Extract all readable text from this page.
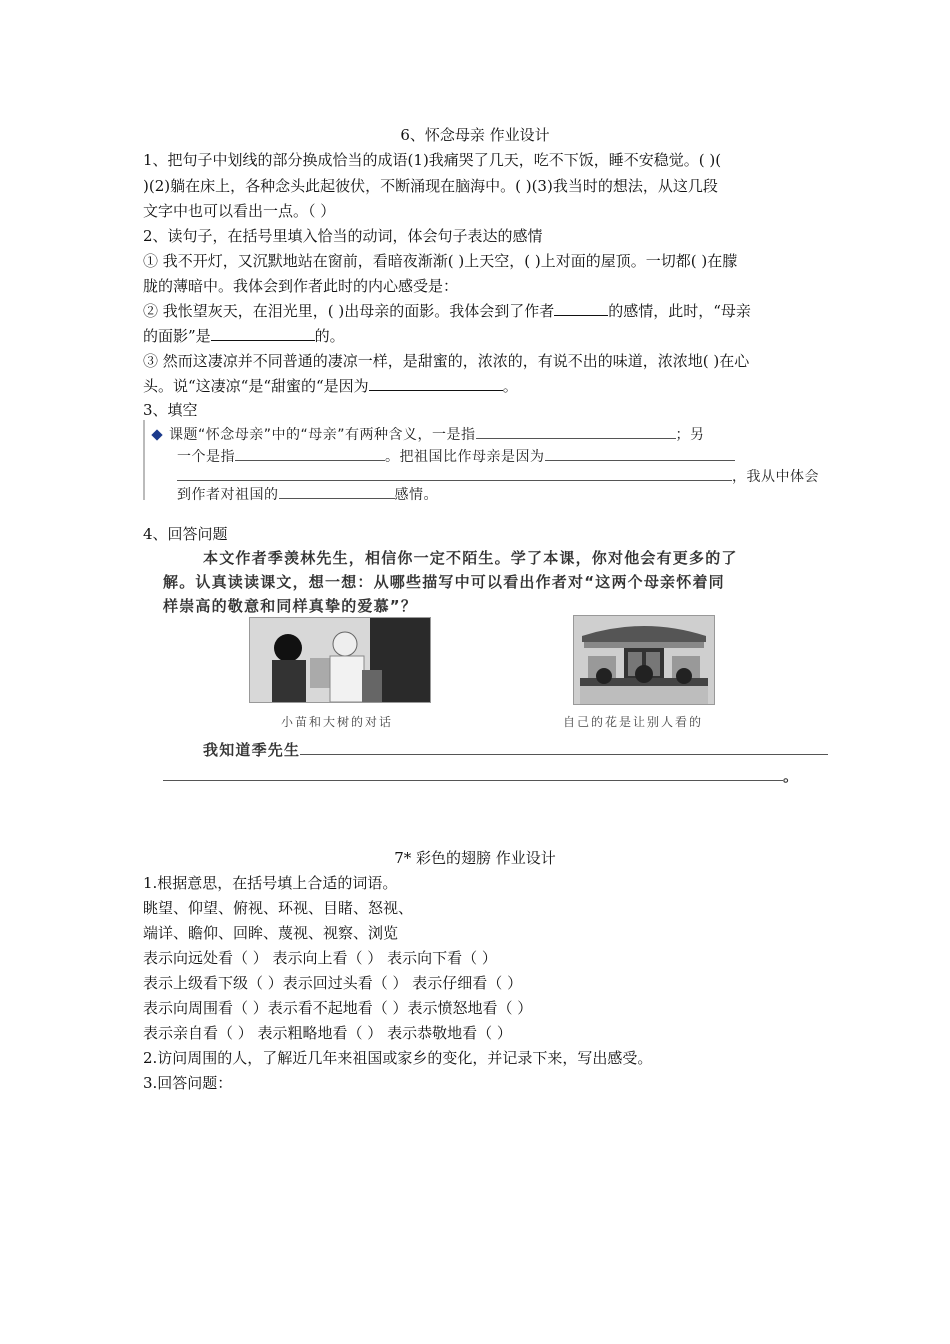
6、怀念母亲 作业设计
1、把句子中划线的部分换成恰当的成语(1)我痛哭了几天，吃不下饭，睡不安稳觉。( )(
)(2)躺在床上，各种念头此起彼伏，不断涌现在脑海中。( )(3)我当时的想法，从这几段
文字中也可以看出一点。（ ）
2、读句子，在括号里填入恰当的动词，体会句子表达的感情
① 我不开灯，又沉默地站在窗前，看暗夜渐渐( )上天空，( )上对面的屋顶。一切都( )在朦
胧的薄暗中。我体会到作者此时的内心感受是：
② 我怅望灰天，在泪光里，( )出母亲的面影。我体会到了作者	的感情，此时，“母亲
的面影”是	的。
③ 然而这凄凉并不同普通的凄凉一样，是甜蜜的，浓浓的，有说不出的味道，浓浓地( )在心
头。说“这凄凉“是“甜蜜的“是因为	。
3、填空
课题“怀念母亲”中的“母亲”有两种含义，一是指	；另
一个是指	。把祖国比作母亲是因为
，我从中体会
到作者对祖国的	感情。
4、回答问题
本文作者季羡林先生，相信你一定不陌生。学了本课，你对他会有更多的了
解。认真读读课文，想一想：从哪些描写中可以看出作者对“这两个母亲怀着同
样崇高的敬意和同样真挚的爱慕”？
小苗和大树的对话	自己的花是让别人看的
我知道季先生
。
7* 彩色的翅膀 作业设计
1.根据意思，在括号填上合适的词语。
眺望、仰望、俯视、环视、目睹、怒视、
端详、瞻仰、回眸、蔑视、视察、浏览
表示向远处看（ ） 表示向上看（ ） 表示向下看（ ）
表示上级看下级（ ）表示回过头看（ ） 表示仔细看（ ）
表示向周围看（ ）表示看不起地看（ ）表示愤怒地看（ ）
表示亲自看（ ） 表示粗略地看（ ） 表示恭敬地看（ ）
2.访问周围的人，了解近几年来祖国或家乡的变化，并记录下来，写出感受。
3.回答问题：
